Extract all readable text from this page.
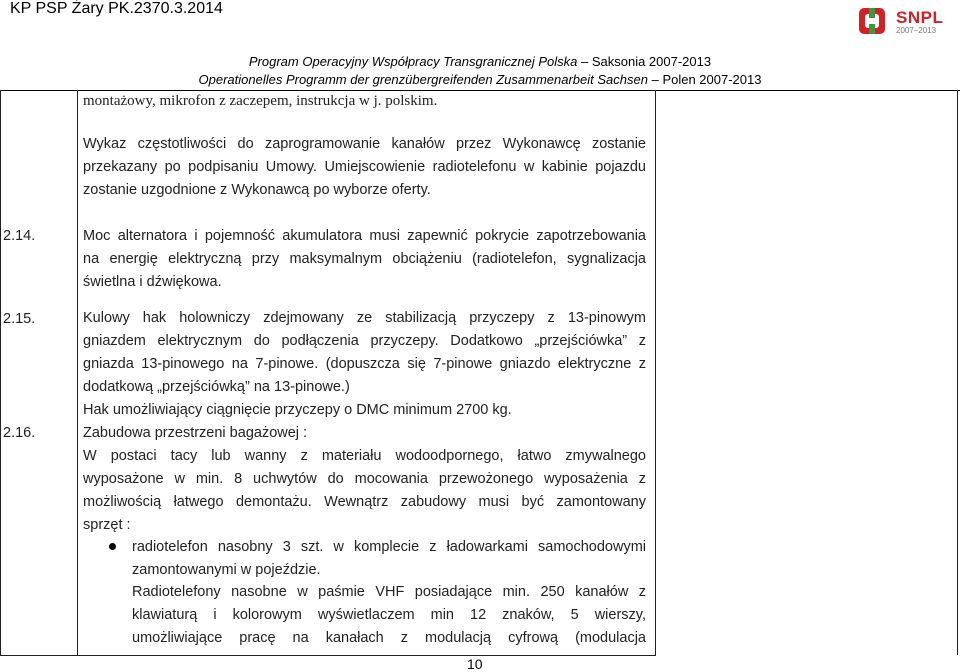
KP PSP Żary PK.2370.3.2014	SNPL
2007–2013
Program Operacyjny Współpracy Transgranicznej Polska – Saksonia 2007-2013
Operationelles Programm der grenzübergreifenden Zusammenarbeit Sachsen – Polen 2007-2013
montażowy, mikrofon z zaczepem, instrukcja w j. polskim.
Wykaz częstotliwości do zaprogramowanie kanałów przez Wykonawcę zostanie
przekazany po podpisaniu Umowy. Umiejscowienie radiotelefonu w kabinie pojazdu
zostanie uzgodnione z Wykonawcą po wyborze oferty.
2.14.	Moc alternatora i pojemność akumulatora musi zapewnić pokrycie zapotrzebowania
na energię elektryczną przy maksymalnym obciążeniu (radiotelefon, sygnalizacja
świetlna i dźwiękowa.
2.15.	Kulowy hak holowniczy zdejmowany ze stabilizacją przyczepy z 13-pinowym
gniazdem elektrycznym do podłączenia przyczepy. Dodatkowo „przejściówka” z
gniazda 13-pinowego na 7-pinowe. (dopuszcza się 7-pinowe gniazdo elektryczne z
dodatkową „przejściówką” na 13-pinowe.)
Hak umożliwiający ciągnięcie przyczepy o DMC minimum 2700 kg.
2.16.	Zabudowa przestrzeni bagażowej :
W postaci tacy lub wanny z materiału wodoodpornego, łatwo zmywalnego
wyposażone w min. 8 uchwytów do mocowania przewożonego wyposażenia z
możliwością łatwego demontażu. Wewnątrz zabudowy musi być zamontowany
sprzęt :
radiotelefon nasobny 3 szt. w komplecie z ładowarkami samochodowymi
zamontowanymi w pojeździe.
Radiotelefony nasobne w paśmie VHF posiadające min. 250 kanałów z
klawiaturą i kolorowym wyświetlaczem min 12 znaków, 5 wierszy,
umożliwiające pracę na kanałach z modulacją cyfrową (modulacja
10
